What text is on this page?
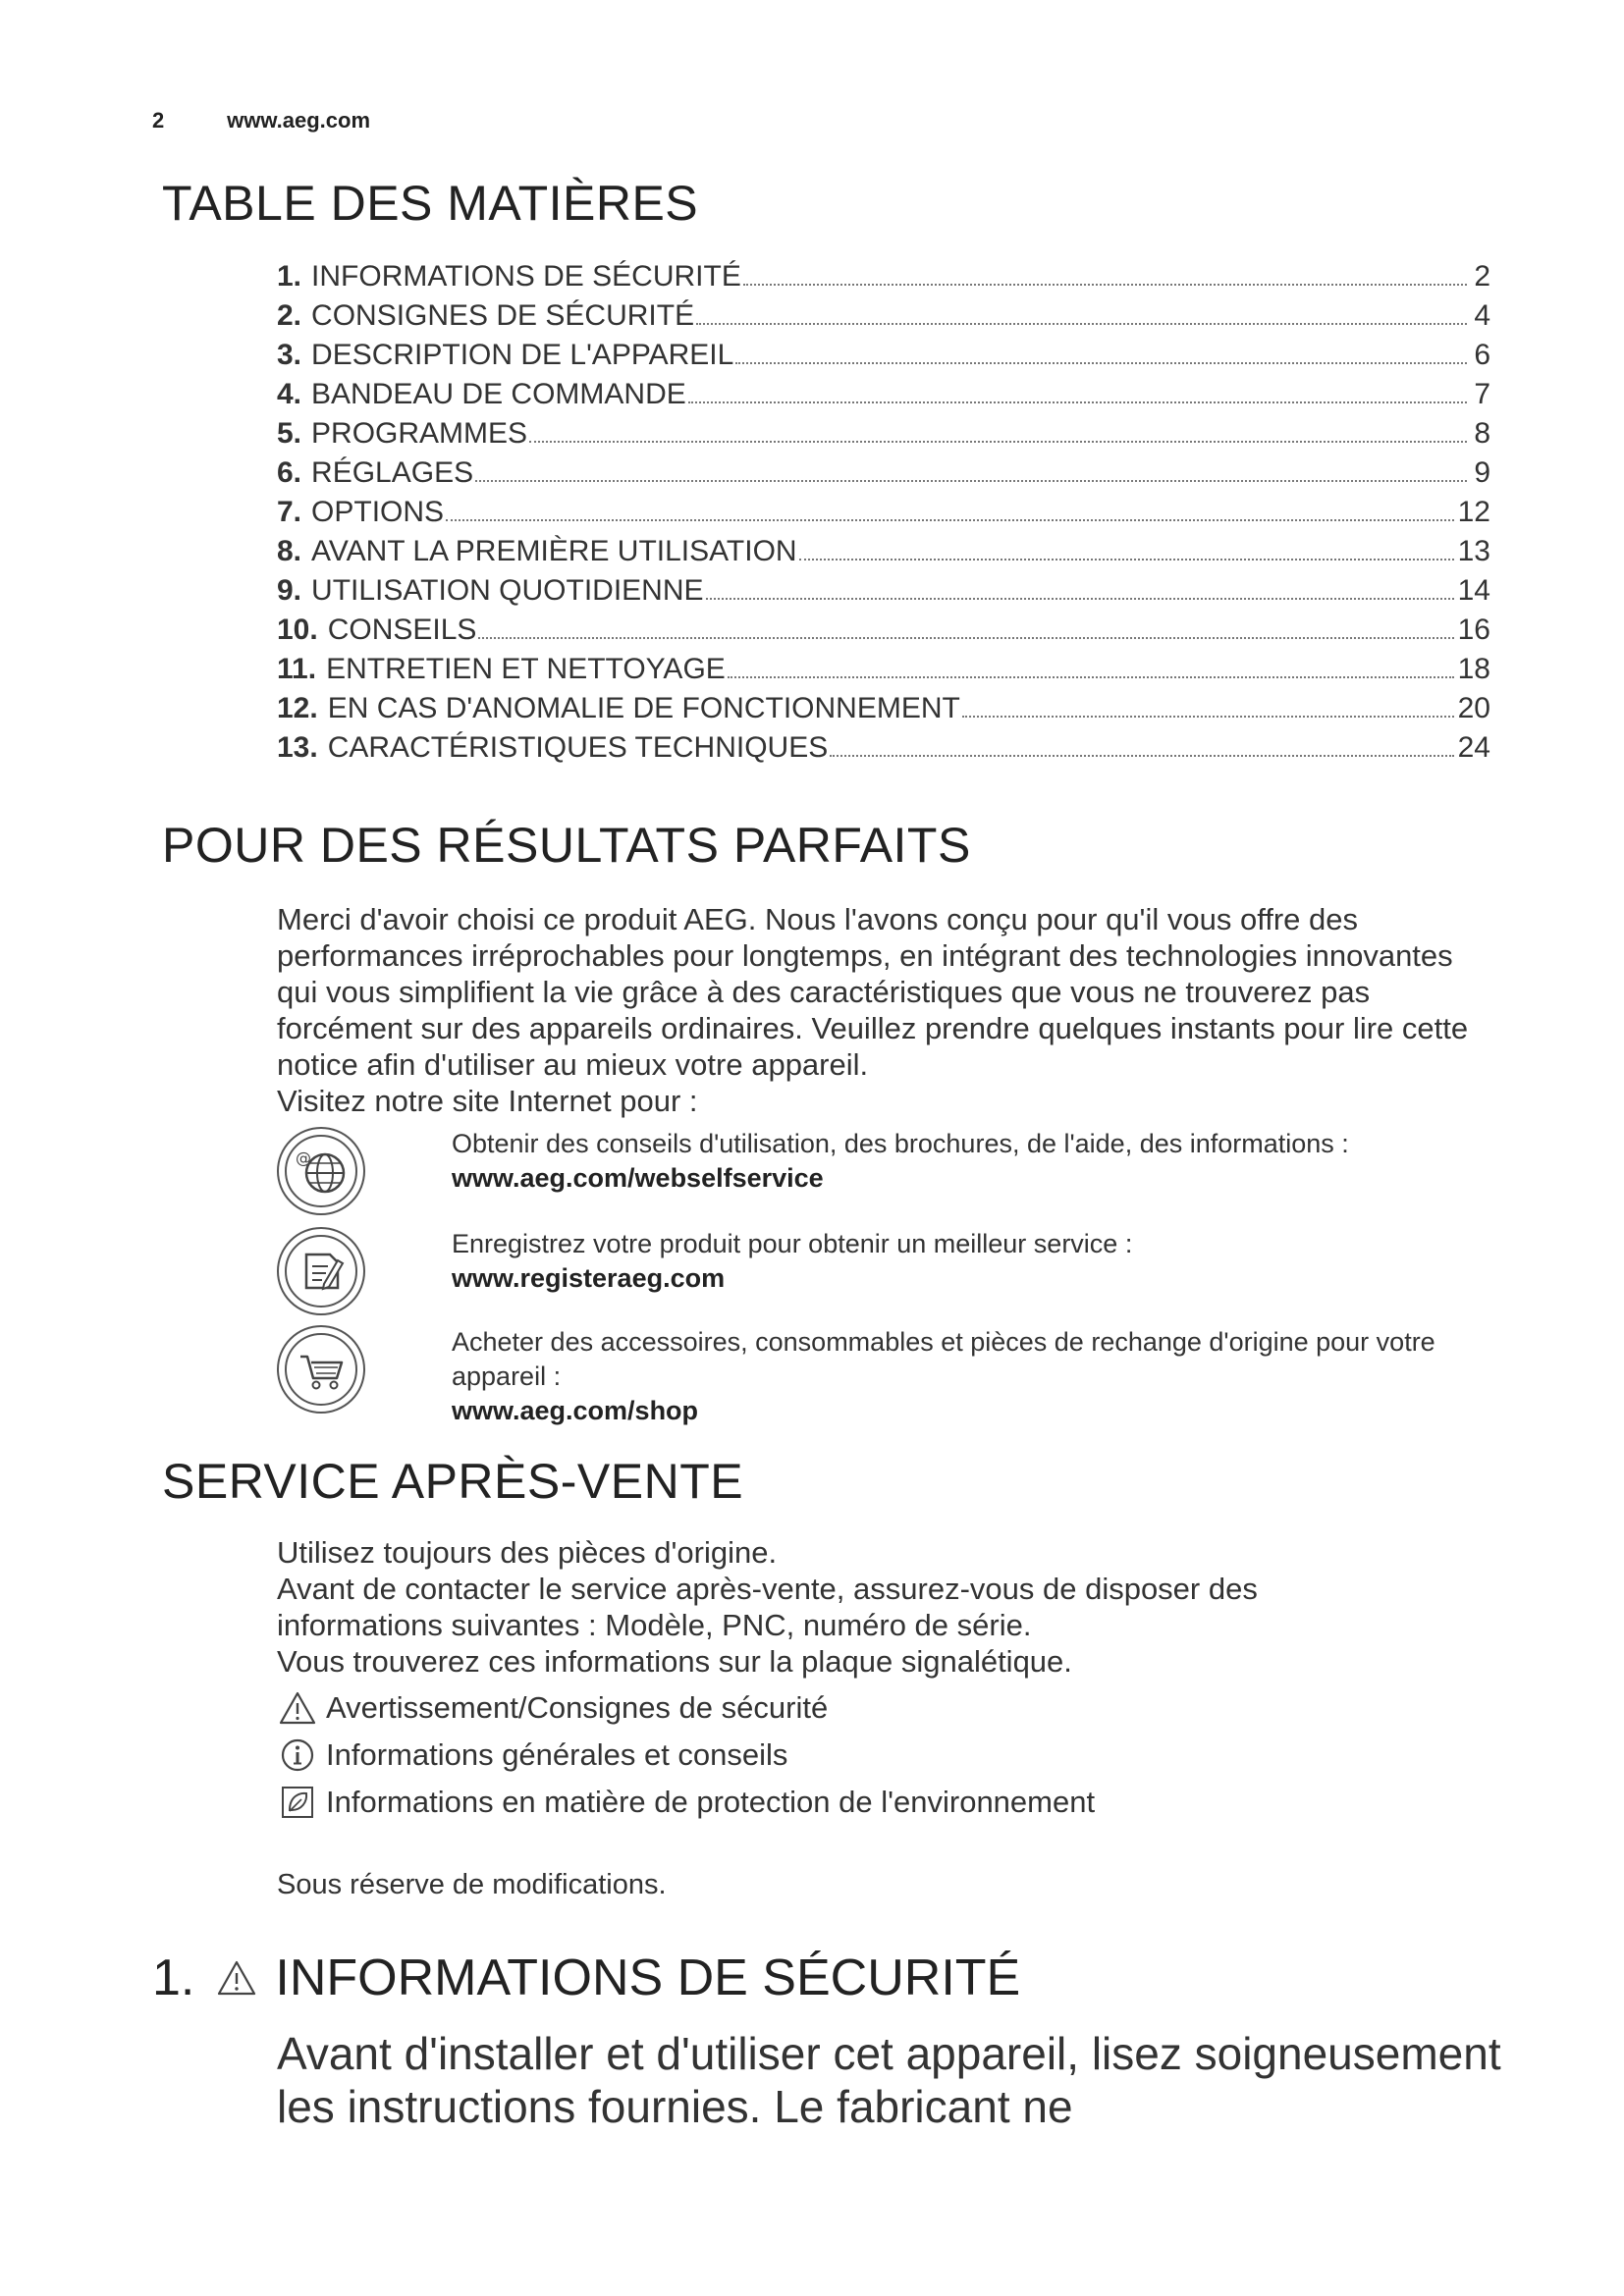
2	www.aeg.com
TABLE DES MATIÈRES
1. INFORMATIONS DE SÉCURITÉ	2
2. CONSIGNES DE SÉCURITÉ	4
3. DESCRIPTION DE L'APPAREIL	6
4. BANDEAU DE COMMANDE	7
5. PROGRAMMES	8
6. RÉGLAGES	9
7. OPTIONS	12
8. AVANT LA PREMIÈRE UTILISATION	13
9. UTILISATION QUOTIDIENNE	14
10. CONSEILS	16
11. ENTRETIEN ET NETTOYAGE	18
12. EN CAS D'ANOMALIE DE FONCTIONNEMENT	20
13. CARACTÉRISTIQUES TECHNIQUES	24
POUR DES RÉSULTATS PARFAITS
Merci d'avoir choisi ce produit AEG. Nous l'avons conçu pour qu'il vous offre des performances irréprochables pour longtemps, en intégrant des technologies innovantes qui vous simplifient la vie grâce à des caractéristiques que vous ne trouverez pas forcément sur des appareils ordinaires. Veuillez prendre quelques instants pour lire cette notice afin d'utiliser au mieux votre appareil.
Visitez notre site Internet pour :
@	Obtenir des conseils d'utilisation, des brochures, de l'aide, des informations :
www.aeg.com/webselfservice
Enregistrez votre produit pour obtenir un meilleur service :
www.registeraeg.com
Acheter des accessoires, consommables et pièces de rechange d'origine pour votre appareil :
www.aeg.com/shop
SERVICE APRÈS-VENTE
Utilisez toujours des pièces d'origine.
Avant de contacter le service après-vente, assurez-vous de disposer des informations suivantes : Modèle, PNC, numéro de série.
Vous trouverez ces informations sur la plaque signalétique.
Avertissement/Consignes de sécurité
Informations générales et conseils
Informations en matière de protection de l'environnement
Sous réserve de modifications.
1. INFORMATIONS DE SÉCURITÉ
Avant d'installer et d'utiliser cet appareil, lisez soigneusement les instructions fournies. Le fabricant ne
